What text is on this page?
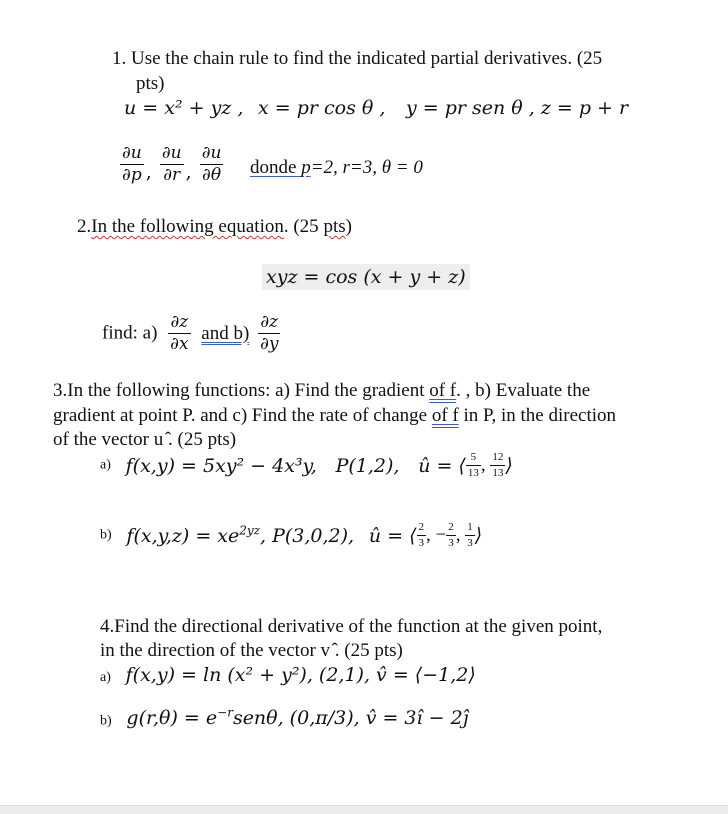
1. Use the chain rule to find the indicated partial derivatives. (25
pts)
u = x² + yz , x = pr cos θ , y = pr sen θ , z = p + r
$\frac{\partial u}{\partial p}$ , $\frac{\partial u}{\partial r}$ , $\frac{\partial u}{\partial\theta}$ donde p=2, r=3, θ = 0
2.In the following equation. (25 pts)
xyz = cos (x + y + z)
find: $a) \frac{\partial z}{\partial x}$ and $b) \frac{\partial z}{\partial y}$
3.In the following functions: a) Find the gradient of f. , b) Evaluate the
gradient at point P. and c) Find the rate of change of f in P, in the direction
of the vector u ̂. (25 pts)
a) f(x,y) = 5xy² − 4x³y, P(1,2), û = ⟨ $\frac{5}{13}$ , $\frac{12}{13}$ ⟩
b) $f(x,y,z) = xe^{2yz}$, P(3,0,2), û = ⟨ $\frac{2}{3}$ , − $\frac{2}{3}$ , $\frac{1}{3}$ ⟩
4.Find the directional derivative of the function at the given point,
in the direction of the vector v ̂. (25 pts)
a) f(x,y) = ln (x² + y²), (2,1), v̂ = ⟨−1,2⟩
b) $g(r,\theta) = e^{-r}sen\theta$, (0,π/3), v̂ = 3î − 2ĵ
